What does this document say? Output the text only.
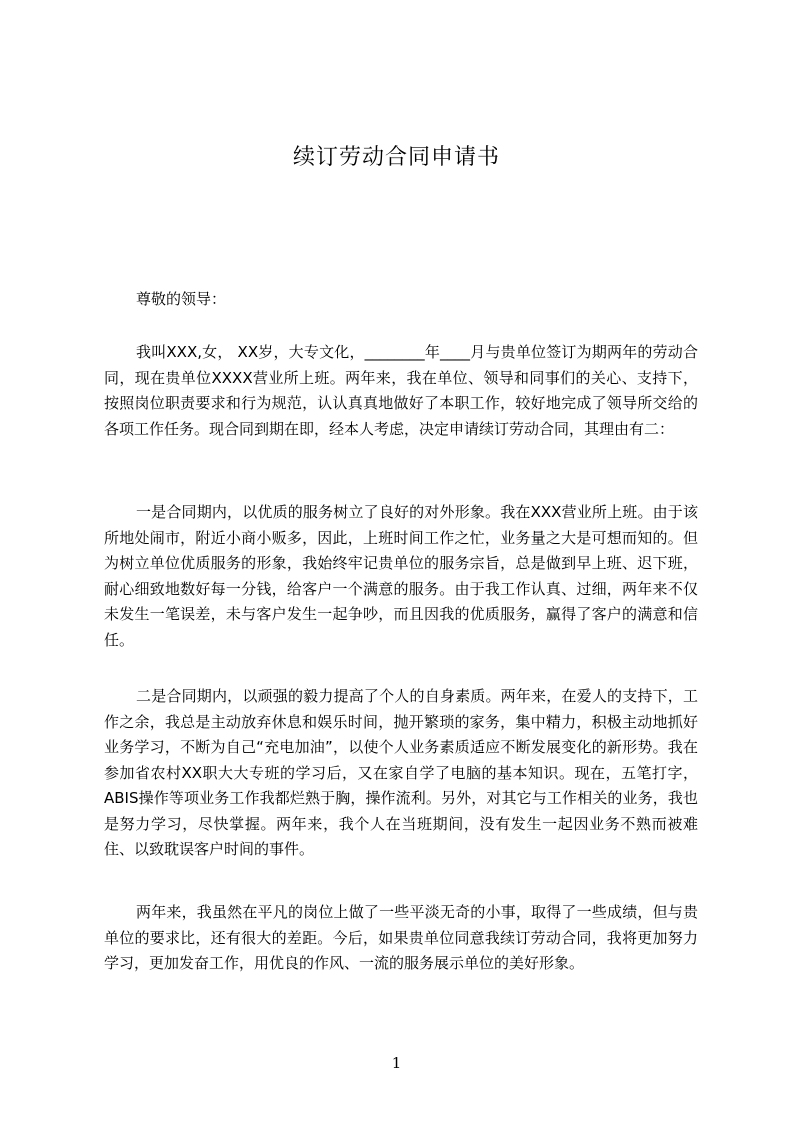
续订劳动合同申请书

尊敬的领导：

我叫XXX,女， XX岁，大专文化，________年____月与贵单位签订为期两年的劳动合同，现在贵单位XXXX营业所上班。两年来，我在单位、领导和同事们的关心、支持下，按照岗位职责要求和行为规范，认认真真地做好了本职工作，较好地完成了领导所交给的各项工作任务。现合同到期在即，经本人考虑，决定申请续订劳动合同，其理由有二：

一是合同期内，以优质的服务树立了良好的对外形象。我在XXX营业所上班。由于该所地处闹市，附近小商小贩多，因此，上班时间工作之忙，业务量之大是可想而知的。但为树立单位优质服务的形象，我始终牢记贵单位的服务宗旨，总是做到早上班、迟下班，耐心细致地数好每一分钱，给客户一个满意的服务。由于我工作认真、过细，两年来不仅未发生一笔误差，未与客户发生一起争吵，而且因我的优质服务，赢得了客户的满意和信任。

二是合同期内，以顽强的毅力提高了个人的自身素质。两年来，在爱人的支持下，工作之余，我总是主动放弃休息和娱乐时间，抛开繁琐的家务，集中精力，积极主动地抓好业务学习，不断为自己“充电加油”，以使个人业务素质适应不断发展变化的新形势。我在参加省农村XX职大大专班的学习后，又在家自学了电脑的基本知识。现在，五笔打字，ABIS操作等项业务工作我都烂熟于胸，操作流利。另外，对其它与工作相关的业务，我也是努力学习，尽快掌握。两年来，我个人在当班期间，没有发生一起因业务不熟而被难住、以致耽误客户时间的事件。

两年来，我虽然在平凡的岗位上做了一些平淡无奇的小事，取得了一些成绩，但与贵单位的要求比，还有很大的差距。今后，如果贵单位同意我续订劳动合同，我将更加努力学习，更加发奋工作，用优良的作风、一流的服务展示单位的美好形象。

1
